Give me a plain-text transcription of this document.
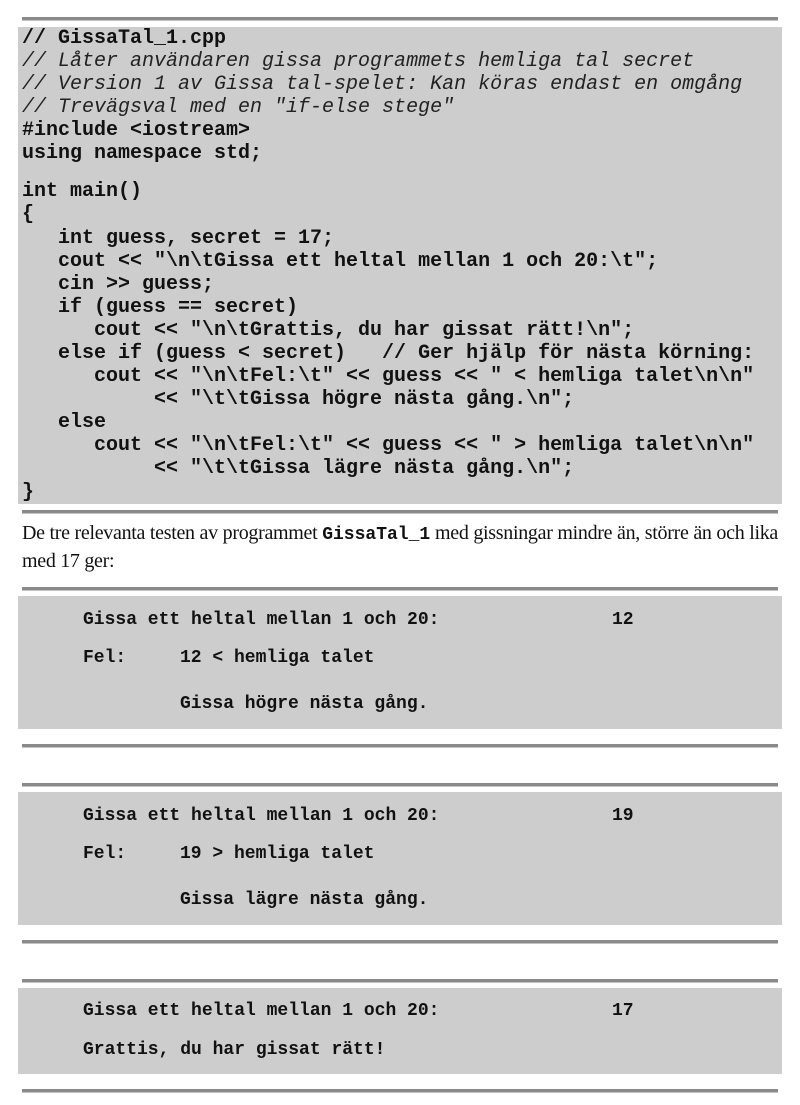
// GissaTal_1.cpp
// Låter användaren gissa programmets hemliga tal secret
// Version 1 av Gissa tal-spelet: Kan köras endast en omgång
// Trevägsval med en "if-else stege"
#include <iostream>
using namespace std;
int main()
{
int guess, secret = 17;
cout << "\n\tGissa ett heltal mellan 1 och 20:\t";
cin >> guess;
if (guess == secret)
cout << "\n\tGrattis, du har gissat rätt!\n";
else if (guess < secret)   // Ger hjälp för nästa körning:
cout << "\n\tFel:\t" << guess << " < hemliga talet\n\n"
<< "\t\tGissa högre nästa gång.\n";
else
cout << "\n\tFel:\t" << guess << " > hemliga talet\n\n"
<< "\t\tGissa lägre nästa gång.\n";
}
De tre relevanta testen av programmet GissaTal_1 med gissningar mindre än, större än och lika med 17 ger:
Gissa ett heltal mellan 1 och 20:	12
Fel:	12 < hemliga talet
Gissa högre nästa gång.
Gissa ett heltal mellan 1 och 20:	19
Fel:	19 > hemliga talet
Gissa lägre nästa gång.
Gissa ett heltal mellan 1 och 20:	17
Grattis, du har gissat rätt!
